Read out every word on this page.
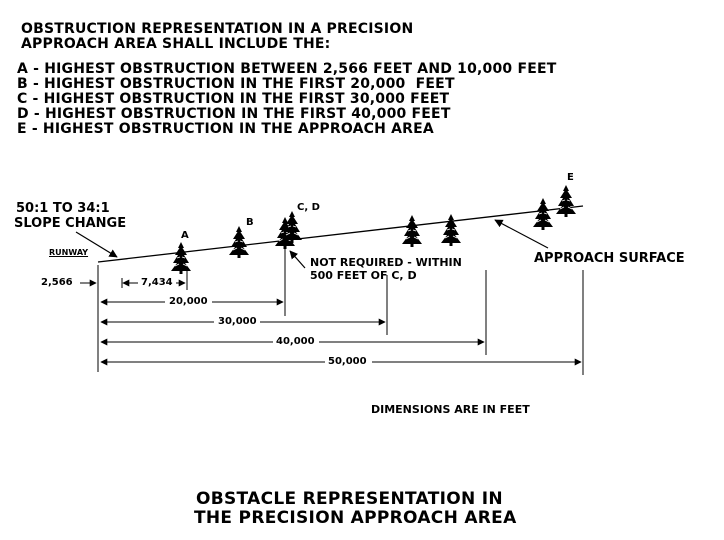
OBSTRUCTION REPRESENTATION IN A PRECISION
APPROACH AREA SHALL INCLUDE THE:
A - HIGHEST OBSTRUCTION BETWEEN 2,566 FEET AND 10,000 FEET
B - HIGHEST OBSTRUCTION IN THE FIRST 20,000  FEET
C - HIGHEST OBSTRUCTION IN THE FIRST 30,000 FEET
D - HIGHEST OBSTRUCTION IN THE FIRST 40,000 FEET
E - HIGHEST OBSTRUCTION IN THE APPROACH AREA
50:1 TO 34:1
SLOPE CHANGE
RUNWAY
A
B
C, D
E
APPROACH SURFACE
NOT REQUIRED - WITHIN
500 FEET OF C, D
2,566	7,434
20,000
30,000
40,000
50,000
DIMENSIONS ARE IN FEET
OBSTACLE REPRESENTATION IN
THE PRECISION APPROACH AREA
